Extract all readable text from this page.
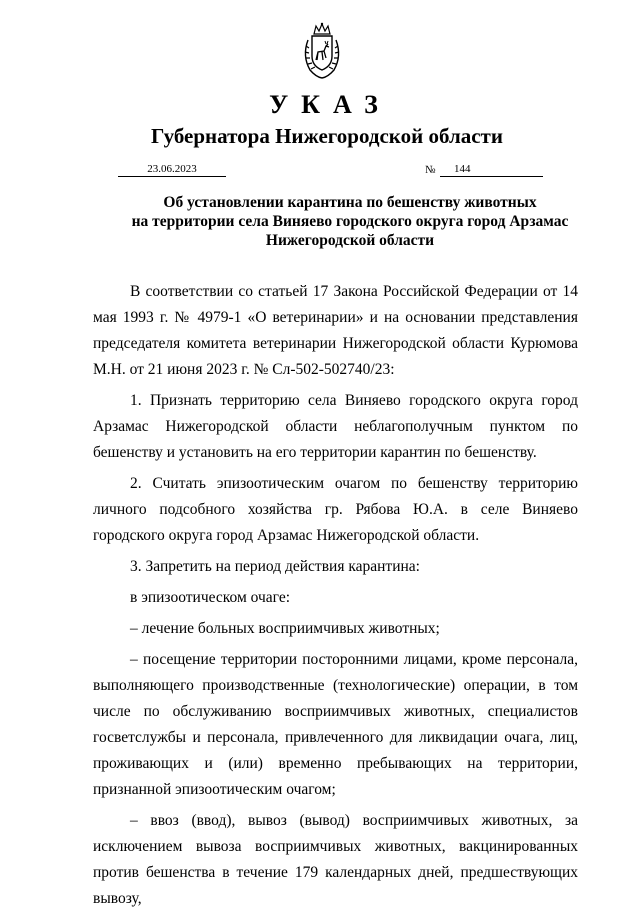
УКАЗ
Губернатора Нижегородской области
23.06.2023	№	144
Об установлении карантина по бешенству животных
на территории села Виняево городского округа город Арзамас
Нижегородской области

В соответствии со статьей 17 Закона Российской Федерации от 14 мая 1993 г. № 4979-1 «О ветеринарии» и на основании представления председателя комитета ветеринарии Нижегородской области Курюмова М.Н. от 21 июня 2023 г. № Сл-502-502740/23:

1. Признать территорию села Виняево городского округа город Арзамас Нижегородской области неблагополучным пунктом по бешенству и установить на его территории карантин по бешенству.

2. Считать эпизоотическим очагом по бешенству территорию личного подсобного хозяйства гр. Рябова Ю.А. в селе Виняево городского округа город Арзамас Нижегородской области.

3. Запретить на период действия карантина:

в эпизоотическом очаге:

– лечение больных восприимчивых животных;

– посещение территории посторонними лицами, кроме персонала, выполняющего производственные (технологические) операции, в том числе по обслуживанию восприимчивых животных, специалистов госветслужбы и персонала, привлеченного для ликвидации очага, лиц, проживающих и (или) временно пребывающих на территории, признанной эпизоотическим очагом;

– ввоз (ввод), вывоз (вывод) восприимчивых животных, за исключением вывоза восприимчивых животных, вакцинированных против бешенства в течение 179 календарных дней, предшествующих вывозу,
